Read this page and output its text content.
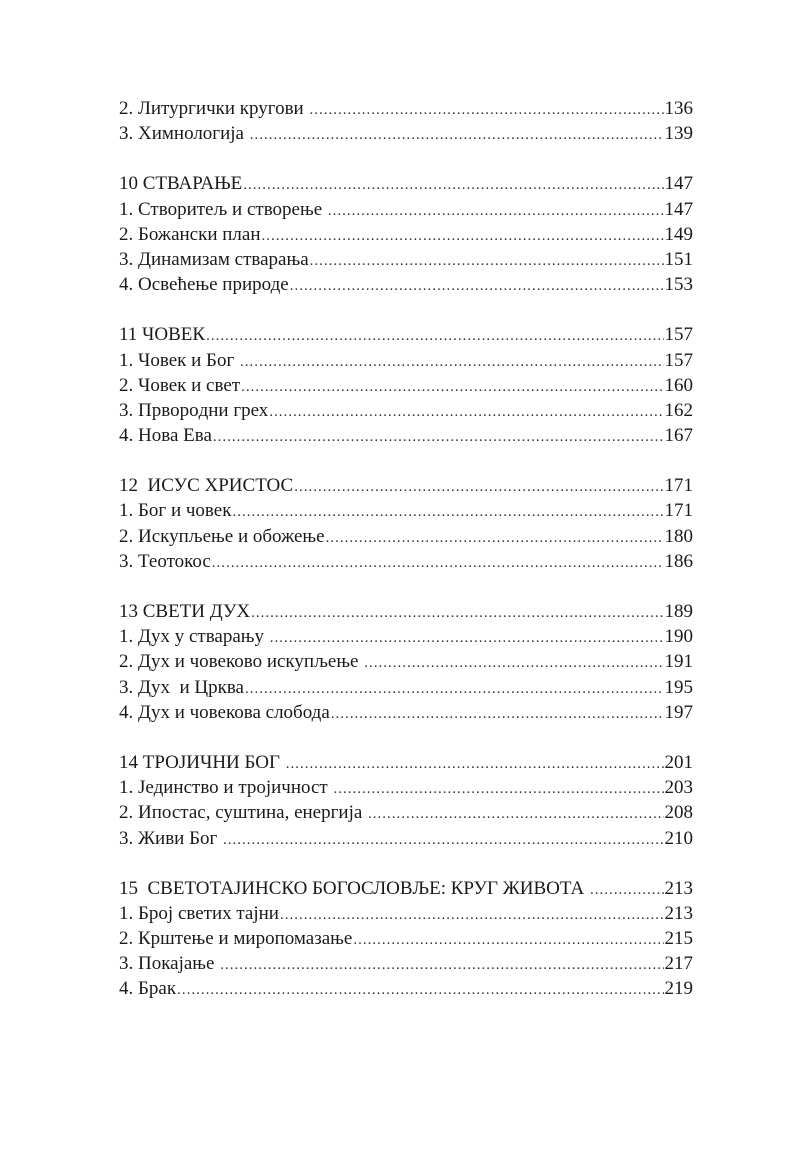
2. Литургички кругови .....	136
3. Химнологија .....	139
10 СТВАРАЊЕ .....	147
1. Створитељ и створење .....	147
2. Божански план .....	149
3. Динамизам стварања .....	151
4. Освећење природе .....	153
11 ЧОВЕК .....	157
1. Човек и Бог .....	157
2. Човек и свет .....	160
3. Прворoдни грех .....	162
4. Нова Ева .....	167
12  ИСУС ХРИСТОС .....	171
1. Бог и човек .....	171
2. Искупљење и обожење .....	180
3. Теотокос .....	186
13 СВЕТИ ДУХ .....	189
1. Дух у стварању .....	190
2. Дух и човеково искупљење .....	191
3. Дух  и Црква .....	195
4. Дух и човекова слобода .....	197
14 ТРОЈИЧНИ БОГ .....	201
1. Јединство и тројичност .....	203
2. Ипостас, суштина, енергија .....	208
3. Живи Бог .....	210
15  СВЕТОТАЈИНСКО БОГОСЛОВЉЕ: КРУГ ЖИВОТА .....	213
1. Број светих тајни .....	213
2. Крштење и миропомазање .....	215
3. Покајање .....	217
4. Брак .....	219
